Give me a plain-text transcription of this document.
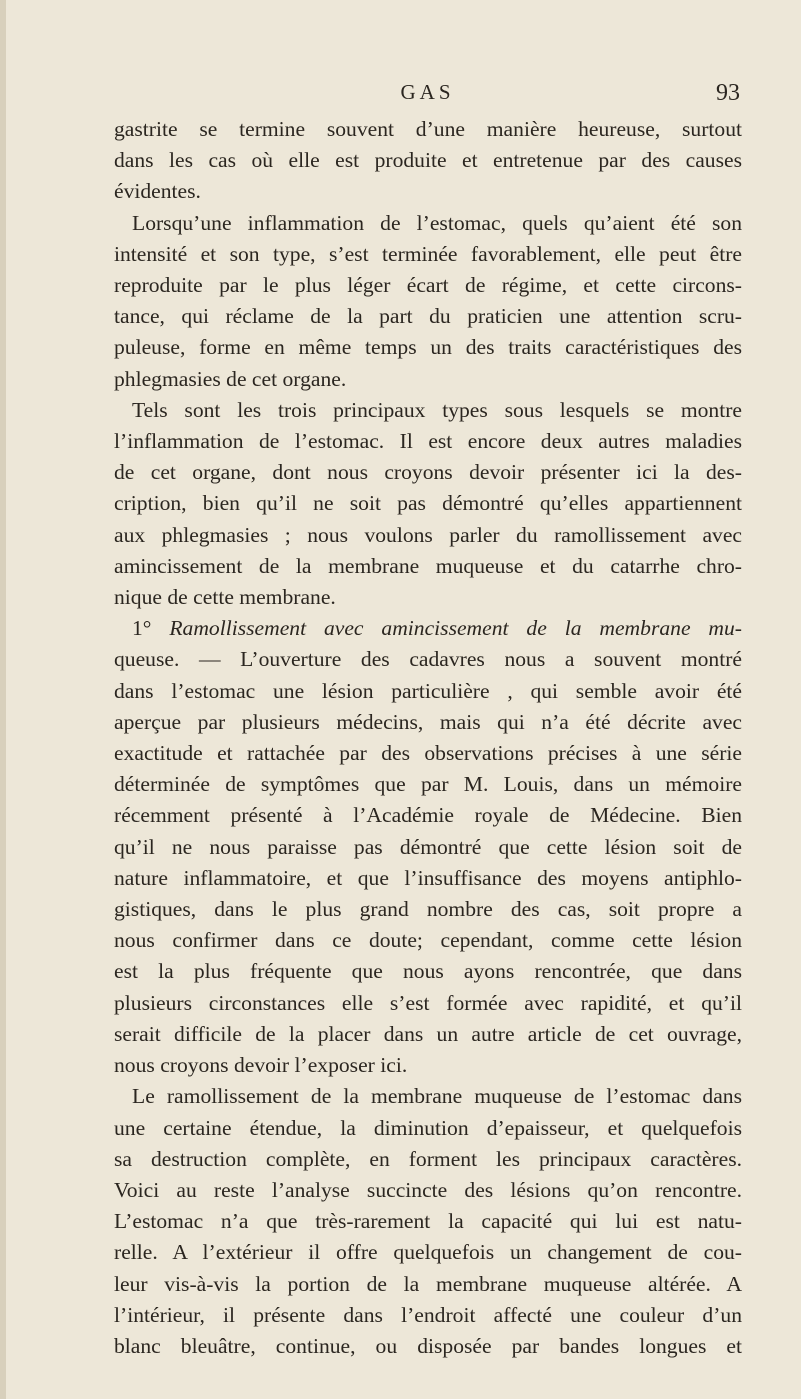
GAS	93
gastrite se termine souvent d’une manière heureuse, surtout
dans les cas où elle est produite et entretenue par des causes
évidentes.
Lorsqu’une inflammation de l’estomac, quels qu’aient été son
intensité et son type, s’est terminée favorablement, elle peut être
reproduite par le plus léger écart de régime, et cette circons-
tance, qui réclame de la part du praticien une attention scru-
puleuse, forme en même temps un des traits caractéristiques des
phlegmasies de cet organe.
Tels sont les trois principaux types sous lesquels se montre
l’inflammation de l’estomac. Il est encore deux autres maladies
de cet organe, dont nous croyons devoir présenter ici la des-
cription, bien qu’il ne soit pas démontré qu’elles appartiennent
aux phlegmasies ; nous voulons parler du ramollissement avec
amincissement de la membrane muqueuse et du catarrhe chro-
nique de cette membrane.
1° Ramollissement avec amincissement de la membrane mu-
queuse. — L’ouverture des cadavres nous a souvent montré
dans l’estomac une lésion particulière , qui semble avoir été
aperçue par plusieurs médecins, mais qui n’a été décrite avec
exactitude et rattachée par des observations précises à une série
déterminée de symptômes que par M. Louis, dans un mémoire
récemment présenté à l’Académie royale de Médecine. Bien
qu’il ne nous paraisse pas démontré que cette lésion soit de
nature inflammatoire, et que l’insuffisance des moyens antiphlo-
gistiques, dans le plus grand nombre des cas, soit propre a
nous confirmer dans ce doute; cependant, comme cette lésion
est la plus fréquente que nous ayons rencontrée, que dans
plusieurs circonstances elle s’est formée avec rapidité, et qu’il
serait difficile de la placer dans un autre article de cet ouvrage,
nous croyons devoir l’exposer ici.
Le ramollissement de la membrane muqueuse de l’estomac dans
une certaine étendue, la diminution d’epaisseur, et quelquefois
sa destruction complète, en forment les principaux caractères.
Voici au reste l’analyse succincte des lésions qu’on rencontre.
L’estomac n’a que très-rarement la capacité qui lui est natu-
relle. A l’extérieur il offre quelquefois un changement de cou-
leur vis-à-vis la portion de la membrane muqueuse altérée. A
l’intérieur, il présente dans l’endroit affecté une couleur d’un
blanc bleuâtre, continue, ou disposée par bandes longues et
